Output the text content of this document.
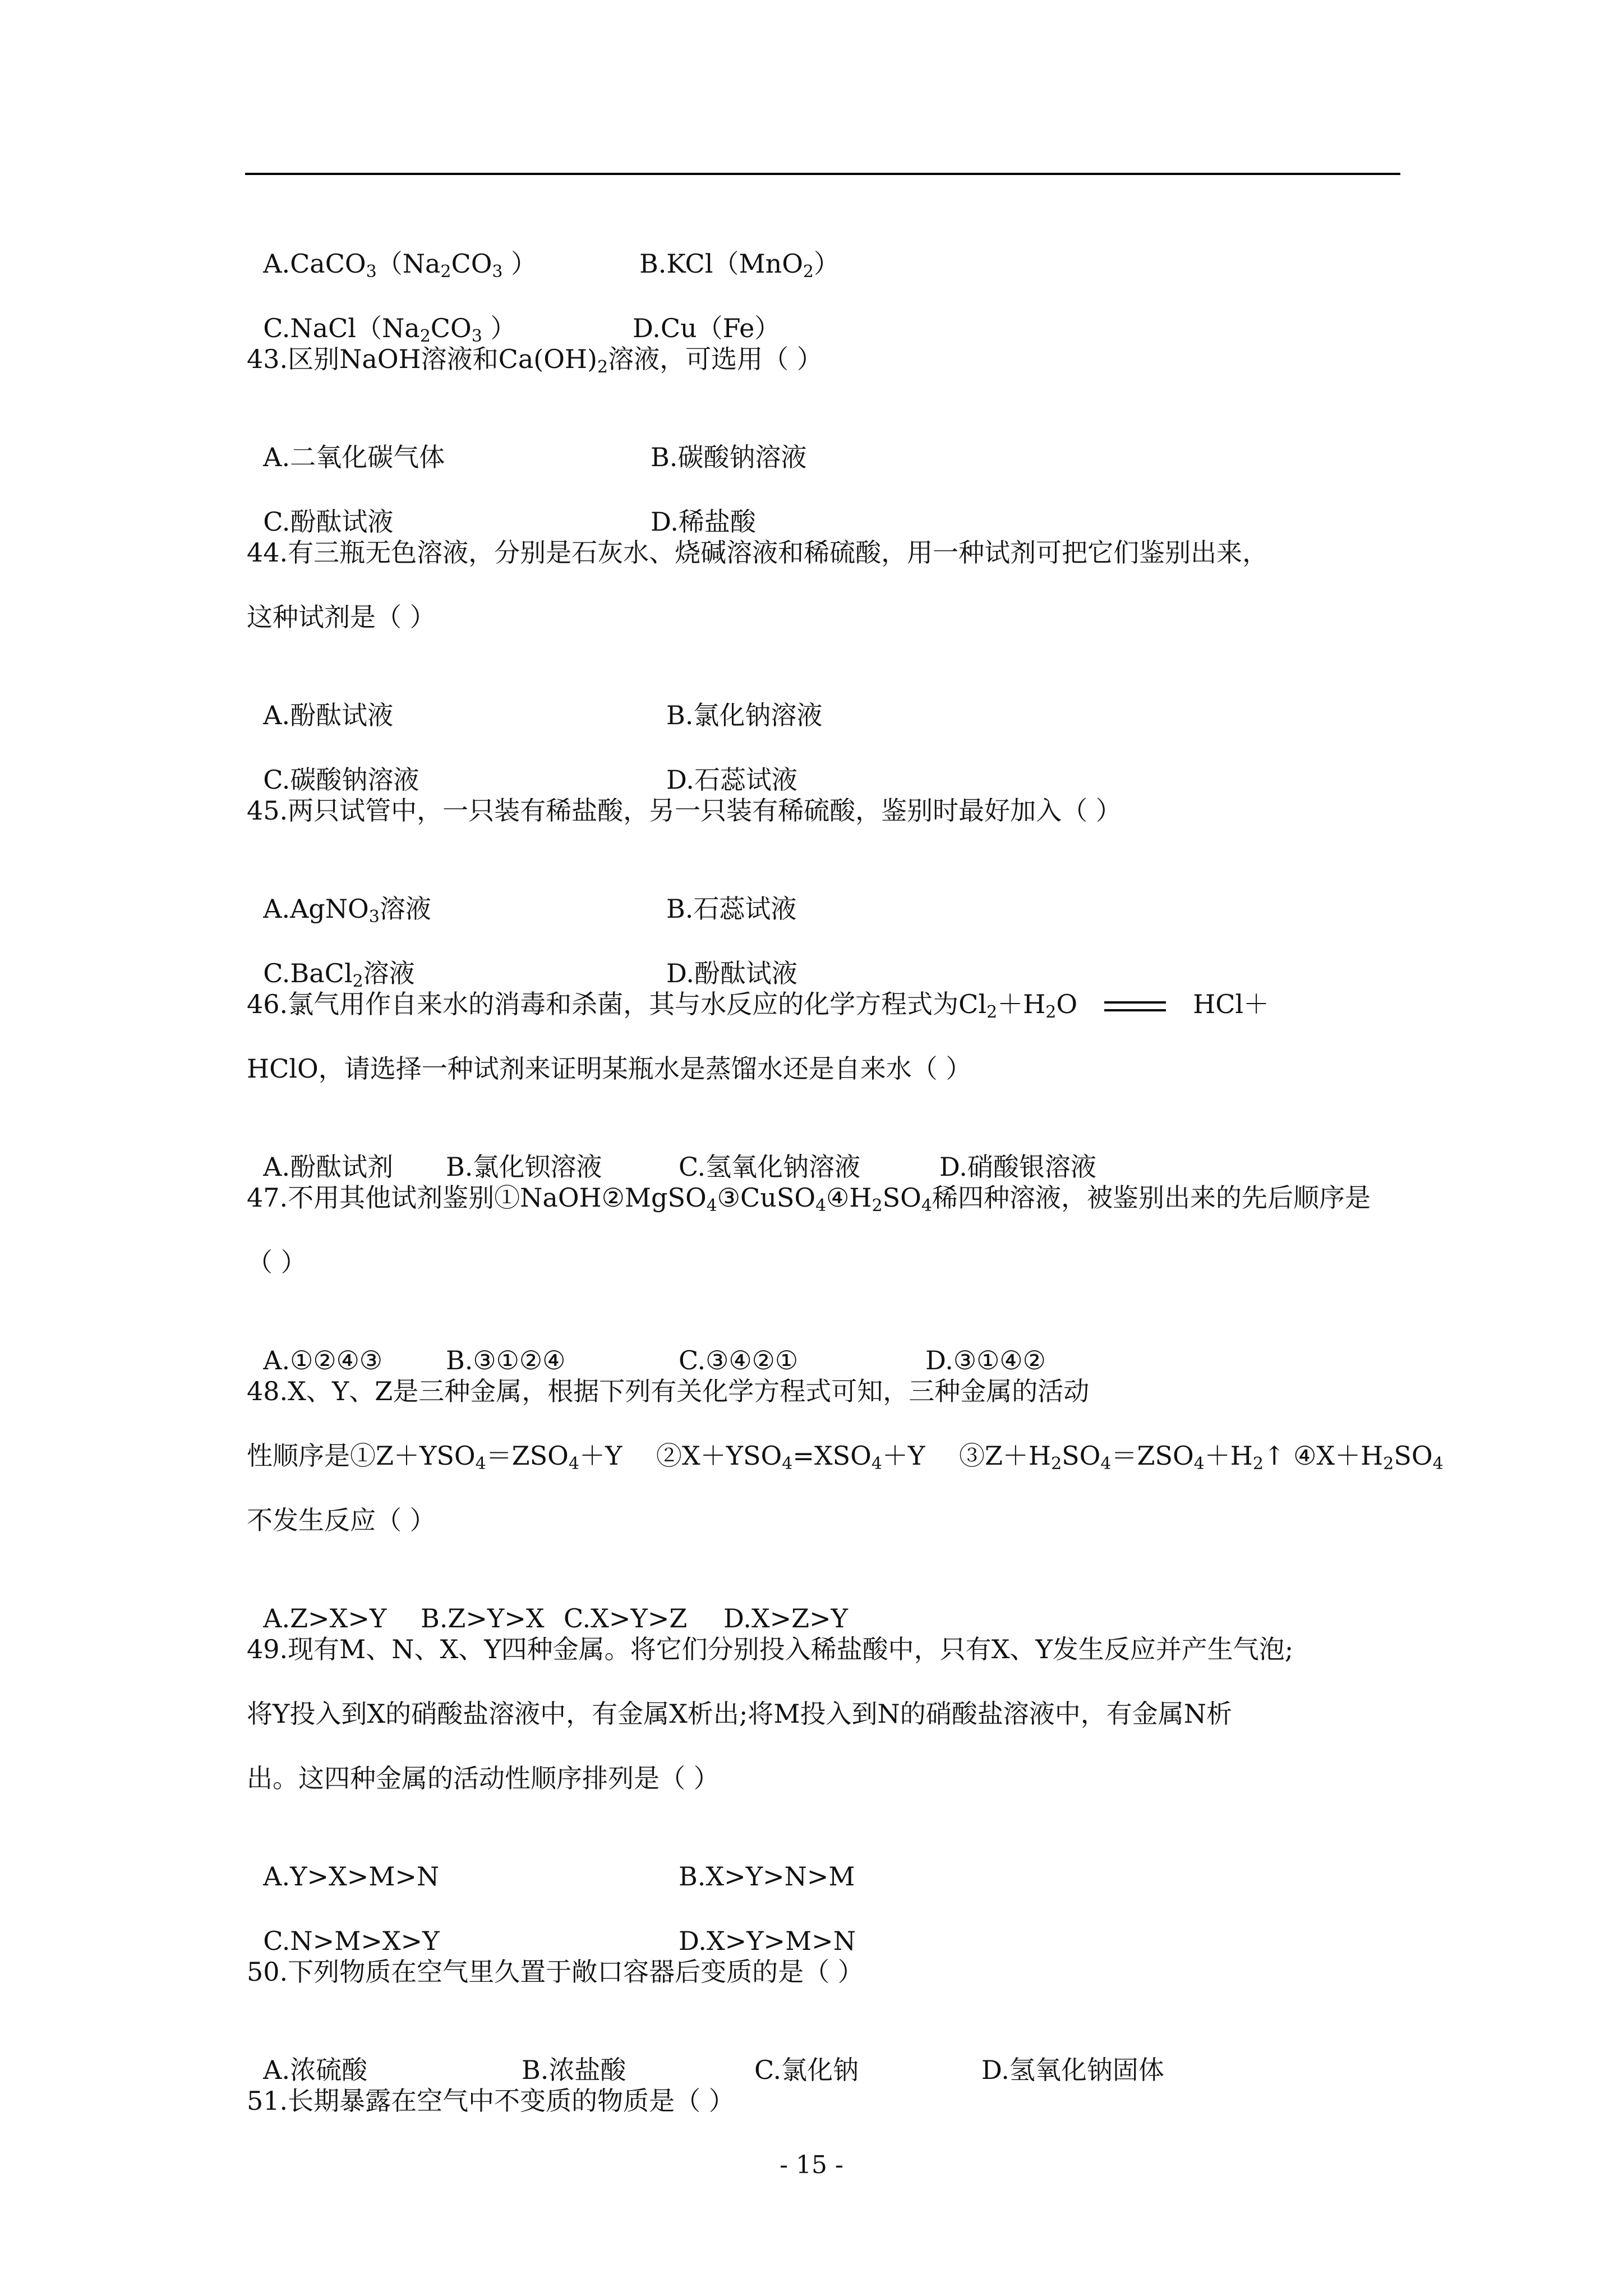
$A.CaCO_3(Na_2CO_3$ ）	B.KCl（MnO$_2$）

$C.NaCl(Na_2CO_3$ ）	D.Cu（Fe）

43.区别NaOH溶液和$Ca(OH)_2$溶液，可选用（ ）

A.二氧化碳气体	B.碳酸钠溶液

C.酚酞试液	D.稀盐酸

44.有三瓶无色溶液，分别是石灰水、烧碱溶液和稀硫酸，用一种试剂可把它们鉴别出来，
这种试剂是（ ）

A.酚酞试液	B.氯化钠溶液

C.碳酸钠溶液	D.石蕊试液

45.两只试管中，一只装有稀盐酸，另一只装有稀硫酸，鉴别时最好加入（ ）

A.AgNO$_3$溶液	B.石蕊试液

C.BaCl$_2$溶液	D.酚酞试液

46.氯气用作自来水的消毒和杀菌，其与水反应的化学方程式为$Cl_2+H_2O$	HCl＋
HClO，请选择一种试剂来证明某瓶水是蒸馏水还是自来水（ ）

A.酚酞试剂 B.氯化钡溶液	C.氢氧化钠溶液	D.硝酸银溶液

47.不用其他试剂鉴别$①NaOH②MgSO_4③CuSO_4④H_2SO_4$稀四种溶液，被鉴别出来的先后顺序是
（ ）

A.①②④③ B.③①②④	C.③④②①	D.③①④②

48.X、Y、Z是三种金属，根据下列有关化学方程式可知，三种金属的活动
性顺序是$①Z+YSO_4=ZSO_4+Y$　 $②X+YSO_4=XSO_4+Y$　 $③Z+H_2SO_4=ZSO_4+H_2↑$ $④X+H_2SO_4$
不发生反应（ ）

A.Z>X>Y B.Z>Y>X C.X>Y>Z D.X>Z>Y

49.现有M、N、X、Y四种金属。将它们分别投入稀盐酸中，只有X、Y发生反应并产生气泡;
将Y投入到X的硝酸盐溶液中，有金属X析出;将M投入到N的硝酸盐溶液中，有金属N析
出。这四种金属的活动性顺序排列是（ ）

A.Y>X>M>N	B.X>Y>N>M

C.N>M>X>Y	D.X>Y>M>N

50.下列物质在空气里久置于敞口容器后变质的是（ ）

A.浓硫酸	B.浓盐酸	C.氯化钠	D.氢氧化钠固体

51.长期暴露在空气中不变质的物质是（ ）
- 15 -
